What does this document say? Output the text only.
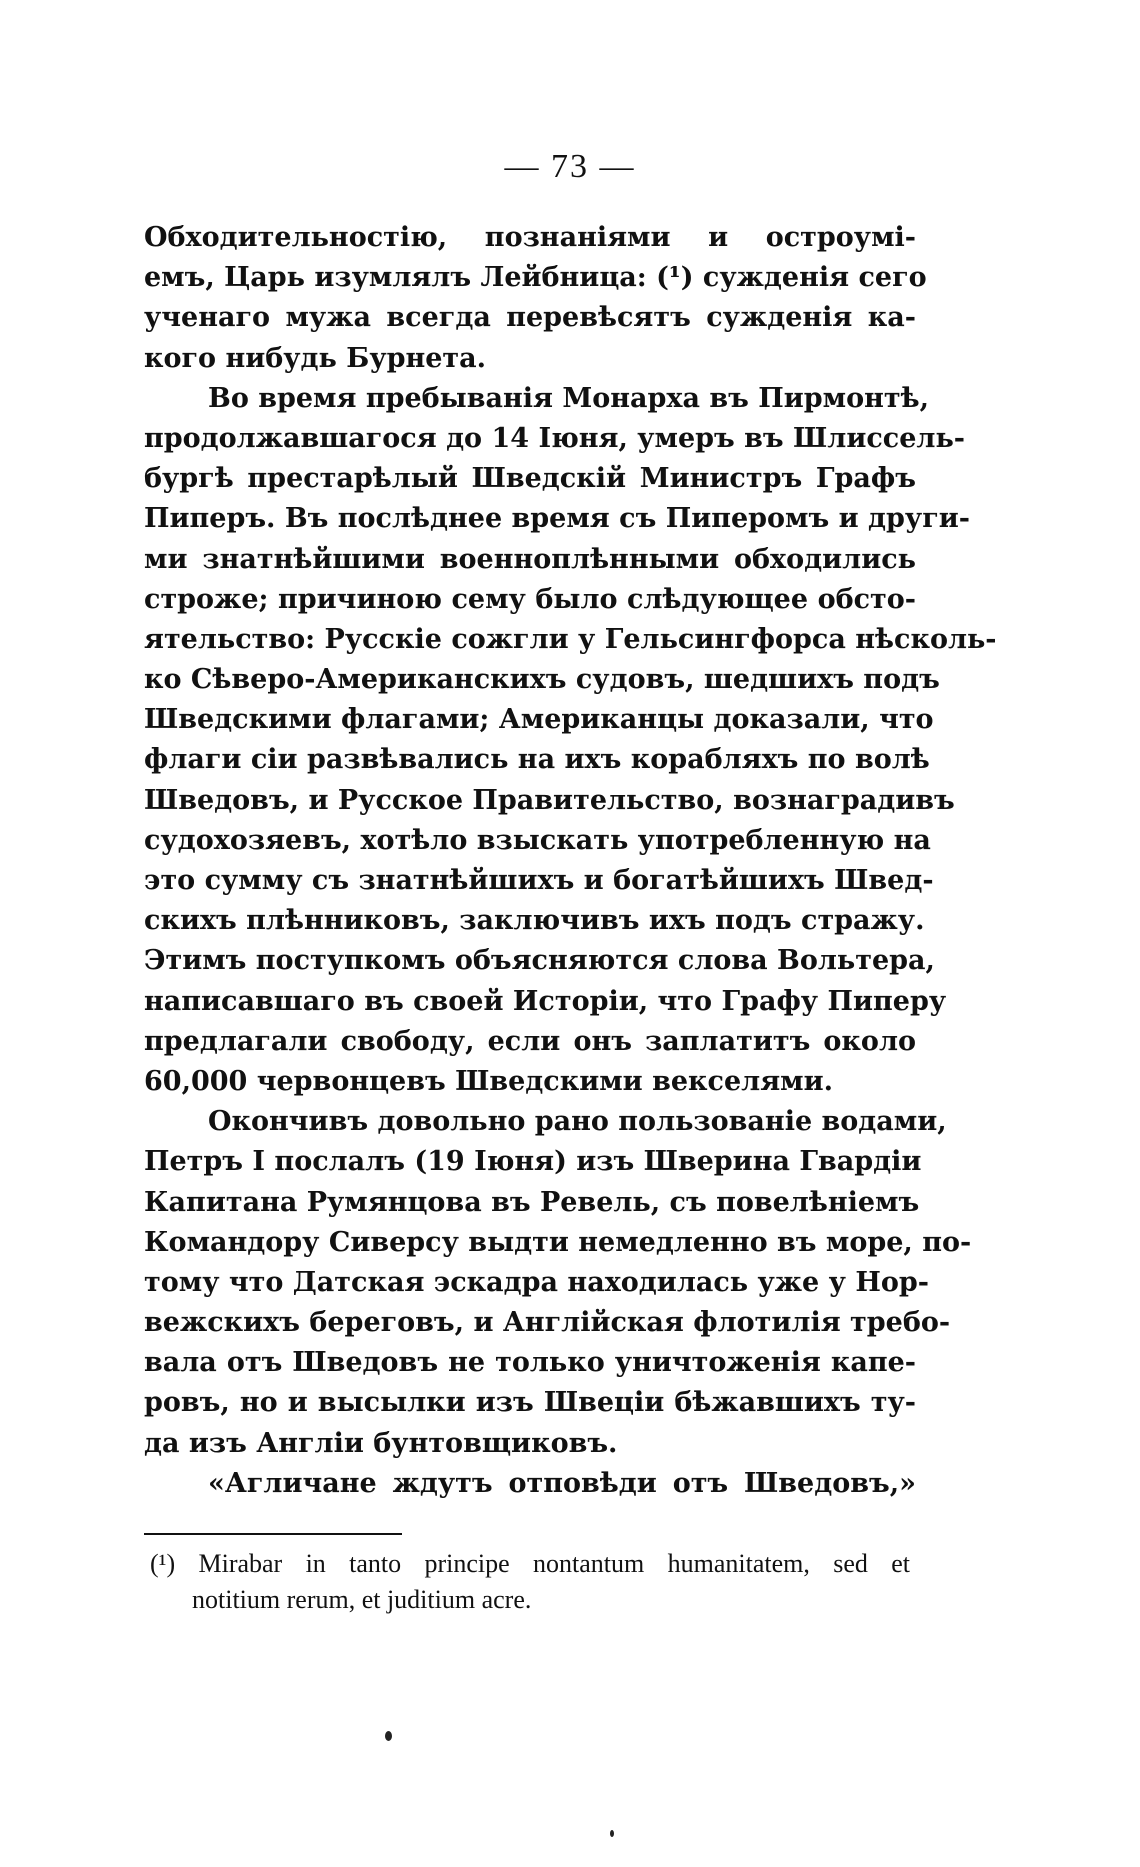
— 73 —
Обходительностію, познаніями и остроумі-
емъ, Царь изумлялъ Лейбница: (¹) сужденія сего
ученаго мужа всегда перевѣсятъ сужденія ка-
кого нибудь Бурнета.
Во время пребыванія Монарха въ Пирмонтѣ,
продолжавшагося до 14 Іюня, умеръ въ Шлиссель-
бургѣ престарѣлый Шведскій Министръ Графъ
Пиперъ. Въ послѣднее время съ Пиперомъ и други-
ми знатнѣйшими военноплѣнными обходились
строже; причиною сему было слѣдующее обсто-
ятельство: Русскіе сожгли у Гельсингфорса нѣсколь-
ко Сѣверо-Американскихъ судовъ, шедшихъ подъ
Шведскими флагами; Американцы доказали, что
флаги сіи развѣвались на ихъ корабляхъ по волѣ
Шведовъ, и Русское Правительство, вознаградивъ
судохозяевъ, хотѣло взыскать употребленную на
это сумму съ знатнѣйшихъ и богатѣйшихъ Швед-
скихъ плѣнниковъ, заключивъ ихъ подъ стражу.
Этимъ поступкомъ объясняются слова Вольтера,
написавшаго въ своей Исторіи, что Графу Пиперу
предлагали свободу, если онъ заплатитъ около
60,000 червонцевъ Шведскими векселями.
Окончивъ довольно рано пользованіе водами,
Петръ I послалъ (19 Іюня) изъ Шверина Гвардіи
Капитана Румянцова въ Ревель, съ повелѣніемъ
Командору Сиверсу выдти немедленно въ море, по-
тому что Датская эскадра находилась уже у Нор-
вежскихъ береговъ, и Англійская флотилія требо-
вала отъ Шведовъ не только уничтоженія капе-
ровъ, но и высылки изъ Швеціи бѣжавшихъ ту-
да изъ Англіи бунтовщиковъ.
«Агличане ждутъ отповѣди отъ Шведовъ,»
(¹) Mirabar in tanto principe nontantum humanitatem, sed et
notitium rerum, et juditium acre.
